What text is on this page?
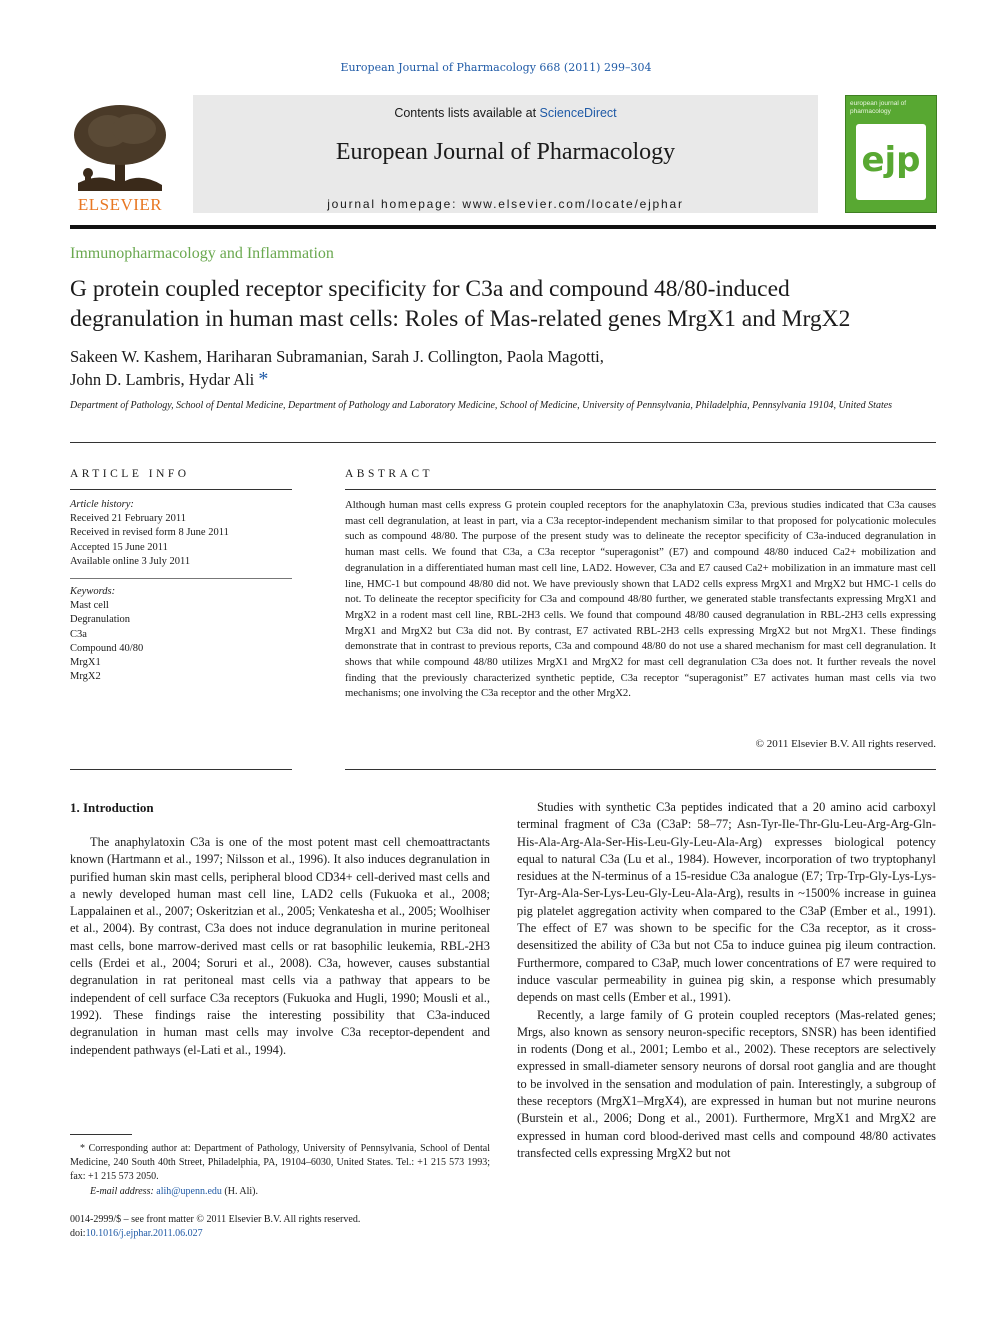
European Journal of Pharmacology 668 (2011) 299–304
ELSEVIER
Contents lists available at ScienceDirect
European Journal of Pharmacology
journal homepage: www.elsevier.com/locate/ejphar
european journal of pharmacology
ejp
Immunopharmacology and Inflammation
G protein coupled receptor specificity for C3a and compound 48/80-induced
degranulation in human mast cells: Roles of Mas-related genes MrgX1 and MrgX2
Sakeen W. Kashem, Hariharan Subramanian, Sarah J. Collington, Paola Magotti,
John D. Lambris, Hydar Ali *
Department of Pathology, School of Dental Medicine, Department of Pathology and Laboratory Medicine, School of Medicine, University of Pennsylvania, Philadelphia, Pennsylvania 19104, United States
ARTICLE INFO
Article history:
Received 21 February 2011
Received in revised form 8 June 2011
Accepted 15 June 2011
Available online 3 July 2011
Keywords:
Mast cell
Degranulation
C3a
Compound 40/80
MrgX1
MrgX2
ABSTRACT
Although human mast cells express G protein coupled receptors for the anaphylatoxin C3a, previous studies indicated that C3a causes mast cell degranulation, at least in part, via a C3a receptor-independent mechanism similar to that proposed for polycationic molecules such as compound 48/80. The purpose of the present study was to delineate the receptor specificity of C3a-induced degranulation in human mast cells. We found that C3a, a C3a receptor “superagonist” (E7) and compound 48/80 induced Ca2+ mobilization and degranulation in a differentiated human mast cell line, LAD2. However, C3a and E7 caused Ca2+ mobilization in an immature mast cell line, HMC-1 but compound 48/80 did not. We have previously shown that LAD2 cells express MrgX1 and MrgX2 but HMC-1 cells do not. To delineate the receptor specificity for C3a and compound 48/80 further, we generated stable transfectants expressing MrgX1 and MrgX2 in a rodent mast cell line, RBL-2H3 cells. We found that compound 48/80 caused degranulation in RBL-2H3 cells expressing MrgX1 and MrgX2 but C3a did not. By contrast, E7 activated RBL-2H3 cells expressing MrgX2 but not MrgX1. These findings demonstrate that in contrast to previous reports, C3a and compound 48/80 do not use a shared mechanism for mast cell degranulation. It shows that while compound 48/80 utilizes MrgX1 and MrgX2 for mast cell degranulation C3a does not. It further reveals the novel finding that the previously characterized synthetic peptide, C3a receptor “superagonist” E7 activates human mast cells via two mechanisms; one involving the C3a receptor and the other MrgX2.
© 2011 Elsevier B.V. All rights reserved.
1. Introduction

The anaphylatoxin C3a is one of the most potent mast cell chemoattractants known (Hartmann et al., 1997; Nilsson et al., 1996). It also induces degranulation in purified human skin mast cells, peripheral blood CD34+ cell-derived mast cells and a newly developed human mast cell line, LAD2 cells (Fukuoka et al., 2008; Lappalainen et al., 2007; Oskeritzian et al., 2005; Venkatesha et al., 2005; Woolhiser et al., 2004). By contrast, C3a does not induce degranulation in murine peritoneal mast cells, bone marrow-derived mast cells or rat basophilic leukemia, RBL-2H3 cells (Erdei et al., 2004; Soruri et al., 2008). C3a, however, causes substantial degranulation in rat peritoneal mast cells via a pathway that appears to be independent of cell surface C3a receptors (Fukuoka and Hugli, 1990; Mousli et al., 1992). These findings raise the interesting possibility that C3a-induced degranulation in human mast cells may involve C3a receptor-dependent and independent pathways (el-Lati et al., 1994).

Studies with synthetic C3a peptides indicated that a 20 amino acid carboxyl terminal fragment of C3a (C3aP: 58–77; Asn-Tyr-Ile-Thr-Glu-Leu-Arg-Arg-Gln-His-Ala-Arg-Ala-Ser-His-Leu-Gly-Leu-Ala-Arg) expresses biological potency equal to natural C3a (Lu et al., 1984). However, incorporation of two tryptophanyl residues at the N-terminus of a 15-residue C3a analogue (E7; Trp-Trp-Gly-Lys-Lys-Tyr-Arg-Ala-Ser-Lys-Leu-Gly-Leu-Ala-Arg), results in ~1500% increase in guinea pig platelet aggregation activity when compared to the C3aP (Ember et al., 1991). The effect of E7 was shown to be specific for the C3a receptor, as it cross-desensitized the ability of C3a but not C5a to induce guinea pig ileum contraction. Furthermore, compared to C3aP, much lower concentrations of E7 were required to induce vascular permeability in guinea pig skin, a response which presumably depends on mast cells (Ember et al., 1991).

Recently, a large family of G protein coupled receptors (Mas-related genes; Mrgs, also known as sensory neuron-specific receptors, SNSR) has been identified in rodents (Dong et al., 2001; Lembo et al., 2002). These receptors are selectively expressed in small-diameter sensory neurons of dorsal root ganglia and are thought to be involved in the sensation and modulation of pain. Interestingly, a subgroup of these receptors (MrgX1–MrgX4), are expressed in human but not murine neurons (Burstein et al., 2006; Dong et al., 2001). Furthermore, MrgX1 and MrgX2 are expressed in human cord blood-derived mast cells and compound 48/80 activates transfected cells expressing MrgX2 but not

* Corresponding author at: Department of Pathology, University of Pennsylvania, School of Dental Medicine, 240 South 40th Street, Philadelphia, PA, 19104–6030, United States. Tel.: +1 215 573 1993; fax: +1 215 573 2050.
E-mail address: alih@upenn.edu (H. Ali).
0014-2999/$ – see front matter © 2011 Elsevier B.V. All rights reserved.
doi:10.1016/j.ejphar.2011.06.027
